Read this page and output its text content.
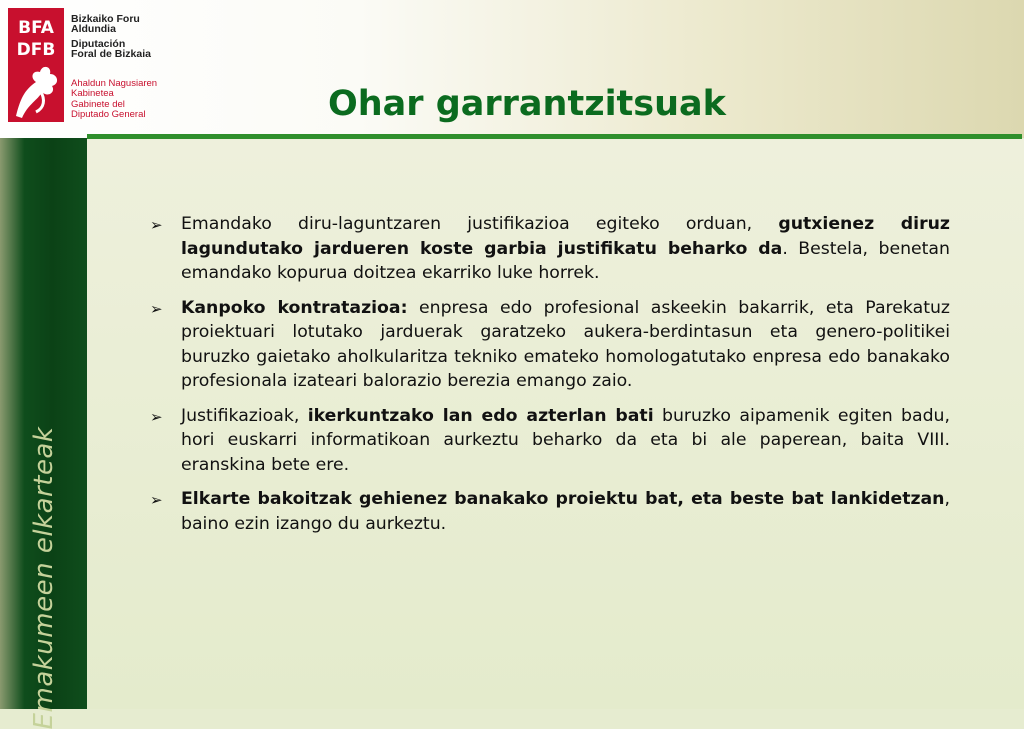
BFA
DFB
Bizkaiko Foru
Aldundia
Diputación
Foral de Bizkaia
Ahaldun Nagusiaren
Kabinetea
Gabinete del
Diputado General	Ohar garrantzitsuak
Emakumeen elkarteak
➢ Emandako diru-laguntzaren justifikazioa egiteko orduan, gutxienez diruz lagundutako jardueren koste garbia justifikatu beharko da. Bestela, benetan emandako kopurua doitzea ekarriko luke horrek.
➢ Kanpoko kontratazioa: enpresa edo profesional askeekin bakarrik, eta Parekatuz proiektuari lotutako jarduerak garatzeko aukera-berdintasun eta genero-politikei buruzko gaietako aholkularitza tekniko emateko homologatutako enpresa edo banakako profesionala izateari balorazio berezia emango zaio.
➢ Justifikazioak, ikerkuntzako lan edo azterlan bati buruzko aipamenik egiten badu, hori euskarri informatikoan aurkeztu beharko da eta bi ale paperean, baita VIII. eranskina bete ere.
➢ Elkarte bakoitzak gehienez banakako proiektu bat, eta beste bat lankidetzan, baino ezin izango du aurkeztu.
